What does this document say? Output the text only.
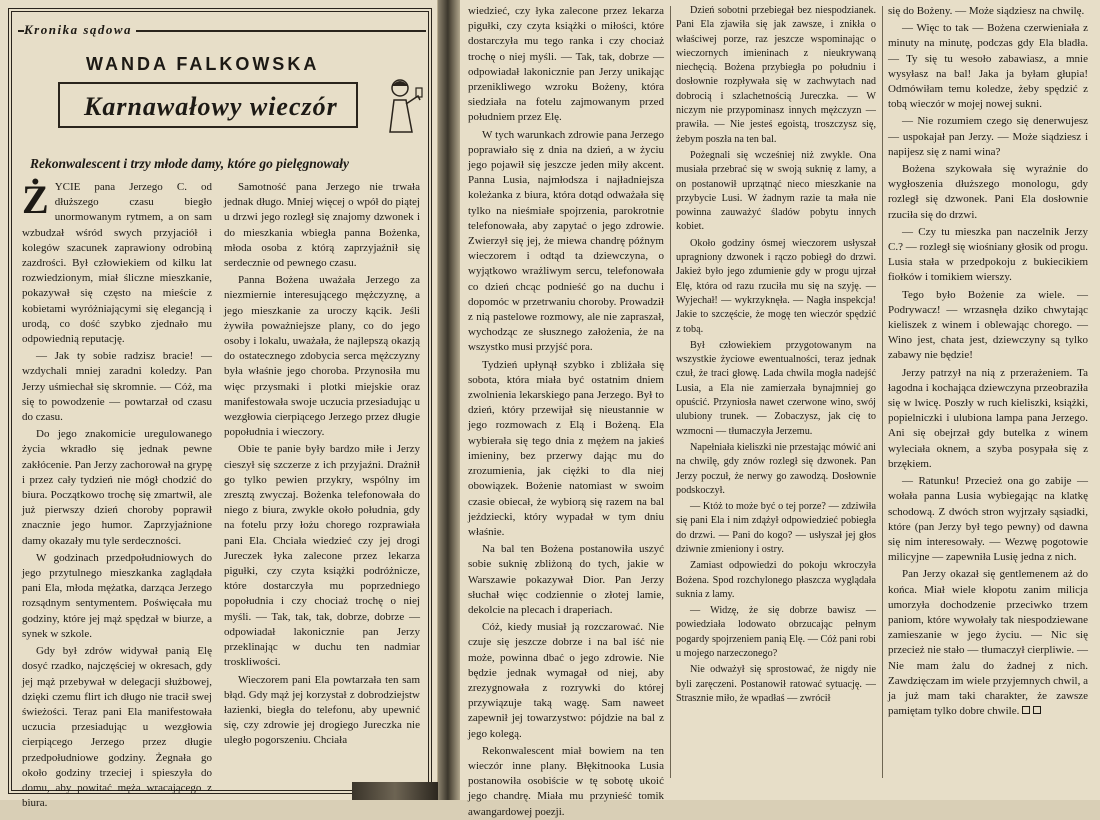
Kronika sądowa
WANDA FALKOWSKA
Karnawałowy wieczór
Rekonwalescent i trzy młode damy, które go pielęgnowały

ŻYCIE pana Jerzego C. od dłuższego czasu biegło unormowanym rytmem, a on sam wzbudzał wśród swych przyjaciół i kolegów szacunek zaprawiony odrobiną zazdrości. Był człowiekiem od kilku lat rozwiedzionym, miał śliczne mieszkanie, pokazywał się często na mieście z kobietami wyróżniającymi się elegancją i urodą, co dość szybko zjednało mu odpowiednią reputację.

— Jak ty sobie radzisz bracie! — wzdychali mniej zaradni koledzy. Pan Jerzy uśmiechał się skromnie. — Cóż, ma się to powodzenie — powtarzał od czasu do czasu.

Do jego znakomicie uregulowanego życia wkradło się jednak pewne zakłócenie. Pan Jerzy zachorował na grypę i przez cały tydzień nie mógł chodzić do biura. Początkowo trochę się zmartwił, ale już pierwszy dzień choroby poprawił znacznie jego humor. Zaprzyjaźnione damy okazały mu tyle serdeczności.

W godzinach przedpołudniowych do jego przytulnego mieszkanka zaglądała pani Ela, młoda mężatka, darząca Jerzego rozsądnym sentymentem. Poświęcała mu godziny, które jej mąż spędzał w biurze, a synek w szkole.

Gdy był zdrów widywał panią Elę dosyć rzadko, najczęściej w okresach, gdy jej mąż przebywał w delegacji służbowej, dzięki czemu flirt ich długo nie tracił swej świeżości. Teraz pani Ela manifestowała uczucia przesiadując u wezgłowia cierpiącego Jerzego przez długie przedpołudniowe godziny. Żegnała go około godziny trzeciej i spieszyła do domu, aby powitać męża wracającego z biura.

Samotność pana Jerzego nie trwała jednak długo. Mniej więcej o wpół do piątej u drzwi jego rozległ się znajomy dzwonek i do mieszkania wbiegła panna Bożenka, młoda osoba z którą zaprzyjaźnił się serdecznie od pewnego czasu.

Panna Bożena uważała Jerzego za niezmiernie interesującego mężczyznę, a jego mieszkanie za uroczy kącik. Jeśli żywiła poważniejsze plany, co do jego osoby i lokalu, uważała, że najlepszą okazją do ostatecznego zdobycia serca mężczyzny była właśnie jego choroba. Przynosiła mu więc przysmaki i plotki miejskie oraz manifestowała swoje uczucia przesiadując u wezgłowia cierpiącego Jerzego przez długie popołudnia i wieczory.

Obie te panie były bardzo miłe i Jerzy cieszył się szczerze z ich przyjaźni. Drażnił go tylko pewien przykry, wspólny im zresztą zwyczaj. Bożenka telefonowała do niego z biura, zwykle około południa, gdy na fotelu przy łożu chorego rozprawiała pani Ela. Chciała wiedzieć czy jej drogi Jureczek łyka zalecone przez lekarza pigułki, czy czyta książki podróżnicze, które dostarczyła mu poprzedniego popołudnia i czy chociaż trochę o niej myśli. — Tak, tak, tak, dobrze, dobrze — odpowiadał lakonicznie pan Jerzy przeklinając w duchu ten nadmiar troskliwości.

Wieczorem pani Ela powtarzała ten sam błąd. Gdy mąż jej korzystał z dobrodziejstw łazienki, biegła do telefonu, aby upewnić się, czy zdrowie jej drogiego Jureczka nie uległo pogorszeniu. Chciała

wiedzieć, czy łyka zalecone przez lekarza pigułki, czy czyta książki o miłości, które dostarczyła mu tego ranka i czy chociaż trochę o niej myśli. — Tak, tak, dobrze — odpowiadał lakonicznie pan Jerzy unikając przenikliwego wzroku Bożeny, która siedziała na fotelu zajmowanym przed południem przez Elę.

W tych warunkach zdrowie pana Jerzego poprawiało się z dnia na dzień, a w życiu jego pojawił się jeszcze jeden miły akcent. Panna Lusia, najmłodsza i najładniejsza koleżanka z biura, która dotąd odważała się tylko na nieśmiałe spojrzenia, parokrotnie telefonowała, aby zapytać o jego zdrowie. Zwierzył się jej, że miewa chandrę późnym wieczorem i odtąd ta dziewczyna, o wyjątkowo wrażliwym sercu, telefonowała co dzień chcąc podnieść go na duchu i dopomóc w przetrwaniu choroby. Prowadził z nią pastelowe rozmowy, ale nie zapraszał, wychodząc ze słusznego założenia, że na wszystko musi przyjść pora.

Tydzień upłynął szybko i zbliżała się sobota, która miała być ostatnim dniem zwolnienia lekarskiego pana Jerzego. Był to dzień, który przewijał się nieustannie w jego rozmowach z Elą i Bożeną. Ela wybierała się tego dnia z mężem na jakieś imieniny, bez przerwy dając mu do zrozumienia, jak ciężki to dla niej obowiązek. Bożenie natomiast w swoim czasie obiecał, że wybiorą się razem na bal jeździecki, który wypadał w tym dniu właśnie.

Na bal ten Bożena postanowiła uszyć sobie suknię zbliżoną do tych, jakie w Warszawie pokazywał Dior. Pan Jerzy słuchał więc codziennie o złotej lamie, dekolcie na plecach i draperiach.

Cóż, kiedy musiał ją rozczarować. Nie czuje się jeszcze dobrze i na bal iść nie może, powinna dbać o jego zdrowie. Nie będzie jednak wymagał od niej, aby zrezygnowała z rozrywki do której przywiązuje taką wagę. Sam naweet zapewnił jej towarzystwo: pójdzie na bal z jego kolegą.

Rekonwalescent miał bowiem na ten wieczór inne plany. Błękitnooka Lusia postanowiła osobiście w tę sobotę ukoić jego chandrę. Miała mu przynieść tomik awangardowej poezji.

Dzień sobotni przebiegał bez niespodzianek. Pani Ela zjawiła się jak zawsze, i znikła o właściwej porze, raz jeszcze wspominając o wieczornych imieninach z nieukrywaną niechęcią. Bożena przybiegła po południu i dosłownie rozpływała się w zachwytach nad dobrocią i szlachetnością Jureczka. — W niczym nie przypominasz innych mężczyzn — prawiła. — Nie jesteś egoistą, troszczysz się, żebym poszła na ten bal.

Pożegnali się wcześniej niż zwykle. Ona musiała przebrać się w swoją suknię z lamy, a on postanowił uprzątnąć nieco mieszkanie na przybycie Lusi. W żadnym razie ta mała nie powinna zauważyć śladów pobytu innych kobiet.

Około godziny ósmej wieczorem usłyszał upragniony dzwonek i rączo pobiegł do drzwi. Jakież było jego zdumienie gdy w progu ujrzał Elę, która od razu rzuciła mu się na szyję. — Wyjechał! — wykrzyknęła. — Nagła inspekcja! Jakie to szczęście, że mogę ten wieczór spędzić z tobą.

Był człowiekiem przygotowanym na wszystkie życiowe ewentualności, teraz jednak czuł, że traci głowę. Lada chwila mogła nadejść Lusia, a Ela nie zamierzała bynajmniej go opuścić. Przyniosła nawet czerwone wino, swój ulubiony trunek. — Zobaczysz, jak cię to wzmocni — tłumaczyła Jerzemu.

Napełniała kieliszki nie przestając mówić ani na chwilę, gdy znów rozległ się dzwonek. Pan Jerzy poczuł, że nerwy go zawodzą. Dosłownie podskoczył.

— Któż to może być o tej porze? — zdziwiła się pani Ela i nim zdążył odpowiedzieć pobiegła do drzwi. — Pani do kogo? — usłyszał jej głos dziwnie zmieniony i ostry.

Zamiast odpowiedzi do pokoju wkroczyła Bożena. Spod rozchylonego płaszcza wyglądała suknia z lamy.

— Widzę, że się dobrze bawisz — powiedziała lodowato obrzucając pełnym pogardy spojrzeniem panią Elę. — Cóż pani robi u mojego narzeczonego?

Nie odważył się sprostować, że nigdy nie byli zaręczeni. Postanowił ratować sytuację. — Strasznie miło, że wpadłaś — zwrócił

się do Bożeny. — Może siądziesz na chwilę.

— Więc to tak — Bożena czerwieniała z minuty na minutę, podczas gdy Ela bladła. — Ty się tu wesoło zabawiasz, a mnie wysyłasz na bal! Jaka ja byłam głupia! Odmówiłam temu koledze, żeby spędzić z tobą wieczór w mojej nowej sukni.

— Nie rozumiem czego się denerwujesz — uspokajał pan Jerzy. — Może siądziesz i napijesz się z nami wina?

Bożena szykowała się wyraźnie do wygłoszenia dłuższego monologu, gdy rozległ się dzwonek. Pani Ela dosłownie rzuciła się do drzwi.

— Czy tu mieszka pan naczelnik Jerzy C.? — rozległ się wiośniany głosik od progu. Lusia stała w przedpokoju z bukiecikiem fiołków i tomikiem wierszy.

Tego było Bożenie za wiele. — Podrywacz! — wrzasnęła dziko chwytając kieliszek z winem i oblewając chorego. — Wino jest, chata jest, dziewczyny są tylko zabawy nie będzie!

Jerzy patrzył na nią z przerażeniem. Ta łagodna i kochająca dziewczyna przeobraziła się w lwicę. Poszły w ruch kieliszki, książki, popielniczki i ulubiona lampa pana Jerzego. Ani się obejrzał gdy butelka z winem wyleciała oknem, a szyba posypała się z brzękiem.

— Ratunku! Przecież ona go zabije — wołała panna Lusia wybiegając na klatkę schodową. Z dwóch stron wyjrzały sąsiadki, które (pan Jerzy był tego pewny) od dawna się nim interesowały. — Wezwę pogotowie milicyjne — zapewniła Lusię jedna z nich.

Pan Jerzy okazał się gentlemenem aż do końca. Miał wiele kłopotu zanim milicja umorzyła dochodzenie przeciwko trzem paniom, które wywołały tak niespodziewane zamieszanie w jego życiu. — Nic się przecież nie stało — tłumaczył cierpliwie. — Nie mam żalu do żadnej z nich. Zawdzięczam im wiele przyjemnych chwil, a ja już mam taki charakter, że zawsze pamiętam tylko dobre chwile.
